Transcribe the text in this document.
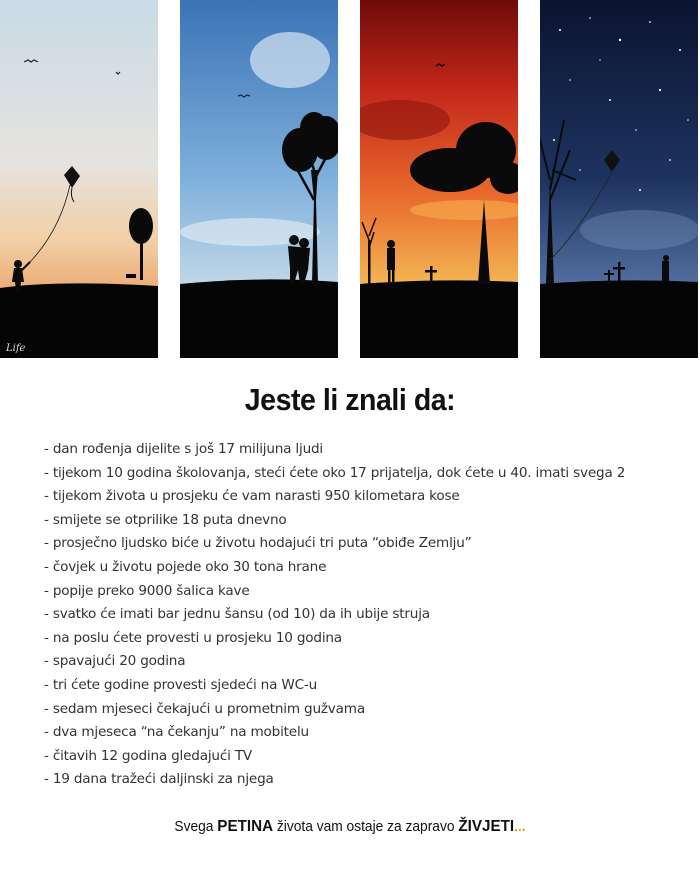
Life
Jeste li znali da:
- dan rođenja dijelite s još 17 milijuna ljudi
- tijekom 10 godina školovanja, steći ćete oko 17 prijatelja, dok ćete u 40. imati svega 2
- tijekom života u prosjeku će vam narasti 950 kilometara kose
- smijete se otprilike 18 puta dnevno
- prosječno ljudsko biće u životu hodajući tri puta “obiđe Zemlju”
- čovjek u životu pojede oko 30 tona hrane
- popije preko 9000 šalica kave
- svatko će imati bar jednu šansu (od 10) da ih ubije struja
- na poslu ćete provesti u prosjeku 10 godina
- spavajući 20 godina
- tri ćete godine provesti sjedeći na WC-u
- sedam mjeseci čekajući u prometnim gužvama
- dva mjeseca “na čekanju” na mobitelu
- čitavih 12 godina gledajući TV
- 19 dana tražeći daljinski za njega
Svega PETINA života vam ostaje za zapravo ŽIVJETI...
